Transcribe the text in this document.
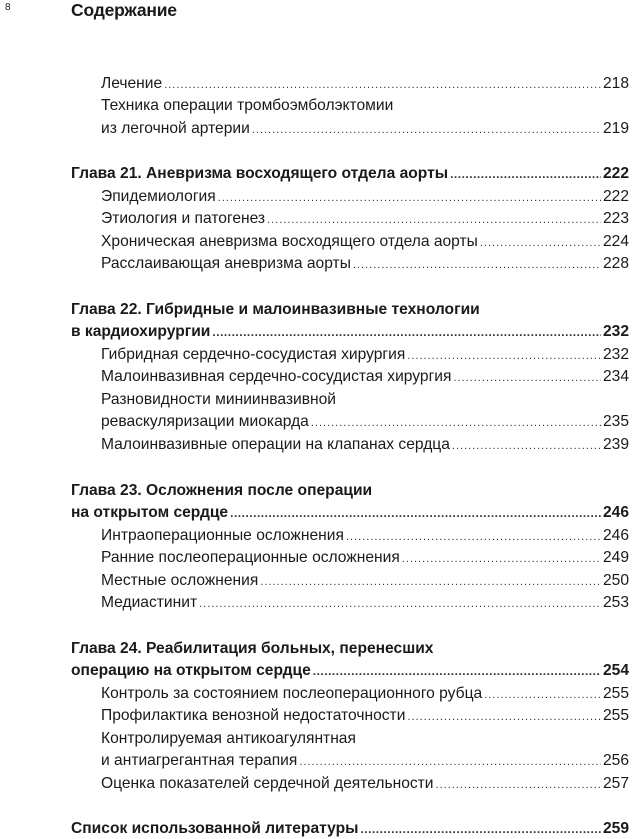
8	Содержание
Лечение .....	218
Техника операции тромбоэмболэктомии
из легочной артерии .....	219
Глава 21. Аневризма восходящего отдела аорты .....	222
Эпидемиология .....	222
Этиология и патогенез .....	223
Хроническая аневризма восходящего отдела аорты .....	224
Расслаивающая аневризма аорты .....	228
Глава 22. Гибридные и малоинвазивные технологии
в кардиохирургии .....	232
Гибридная сердечно-сосудистая хирургия .....	232
Малоинвазивная сердечно-сосудистая хирургия .....	234
Разновидности миниинвазивной
реваскуляризации миокарда .....	235
Малоинвазивные операции на клапанах сердца .....	239
Глава 23. Осложнения после операции
на открытом сердце .....	246
Интраоперационные осложнения .....	246
Ранние послеоперационные осложнения .....	249
Местные осложнения .....	250
Медиастинит .....	253
Глава 24. Реабилитация больных, перенесших
операцию на открытом сердце .....	254
Контроль за состоянием послеоперационного рубца .....	255
Профилактика венозной недостаточности .....	255
Контролируемая антикоагулянтная
и антиагрегантная терапия .....	256
Оценка показателей сердечной деятельности .....	257
Список использованной литературы .....	259
